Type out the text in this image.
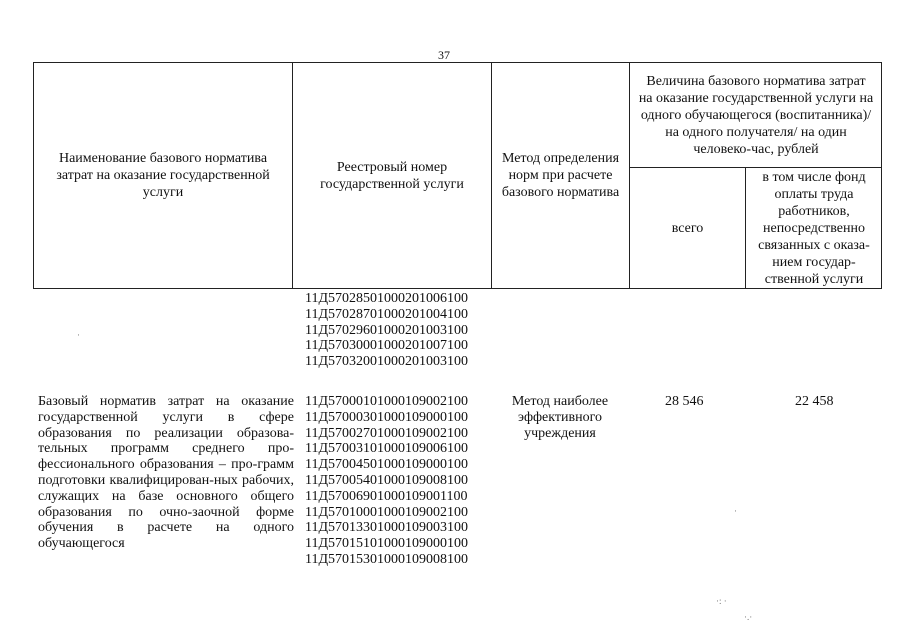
37
Наименование базового норматива затрат на оказание государственной услуги
Реестровый номер государственной услуги
Метод определения норм при расчете базового норматива
Величина базового норматива затрат на оказание государственной услуги на одного обучающегося (воспитанника)/ на одного получателя/ на один человеко-час, рублей
всего
в том числе фонд оплаты труда работников, непосредственно связанных с оказа-нием государ-ственной услуги
11Д57028501000201006100
11Д57028701000201004100
11Д57029601000201003100
11Д57030001000201007100
11Д57032001000201003100
Базовый норматив затрат на оказание государственной услуги в сфере образования по реализации образова-тельных программ среднего про-фессионального образования – про-грамм подготовки квалифицирован-ных рабочих, служащих на базе основного общего образования по очно-заочной форме обучения в расчете на одного обучающегося
11Д57000101000109002100
11Д57000301000109000100
11Д57002701000109002100
11Д57003101000109006100
11Д57004501000109000100
11Д57005401000109008100
11Д57006901000109001100
11Д57010001000109002100
11Д57013301000109003100
11Д57015101000109000100
11Д57015301000109008100
Метод наиболее эффективного учреждения
28 546	22 458
·
·
·: ·
·.·
